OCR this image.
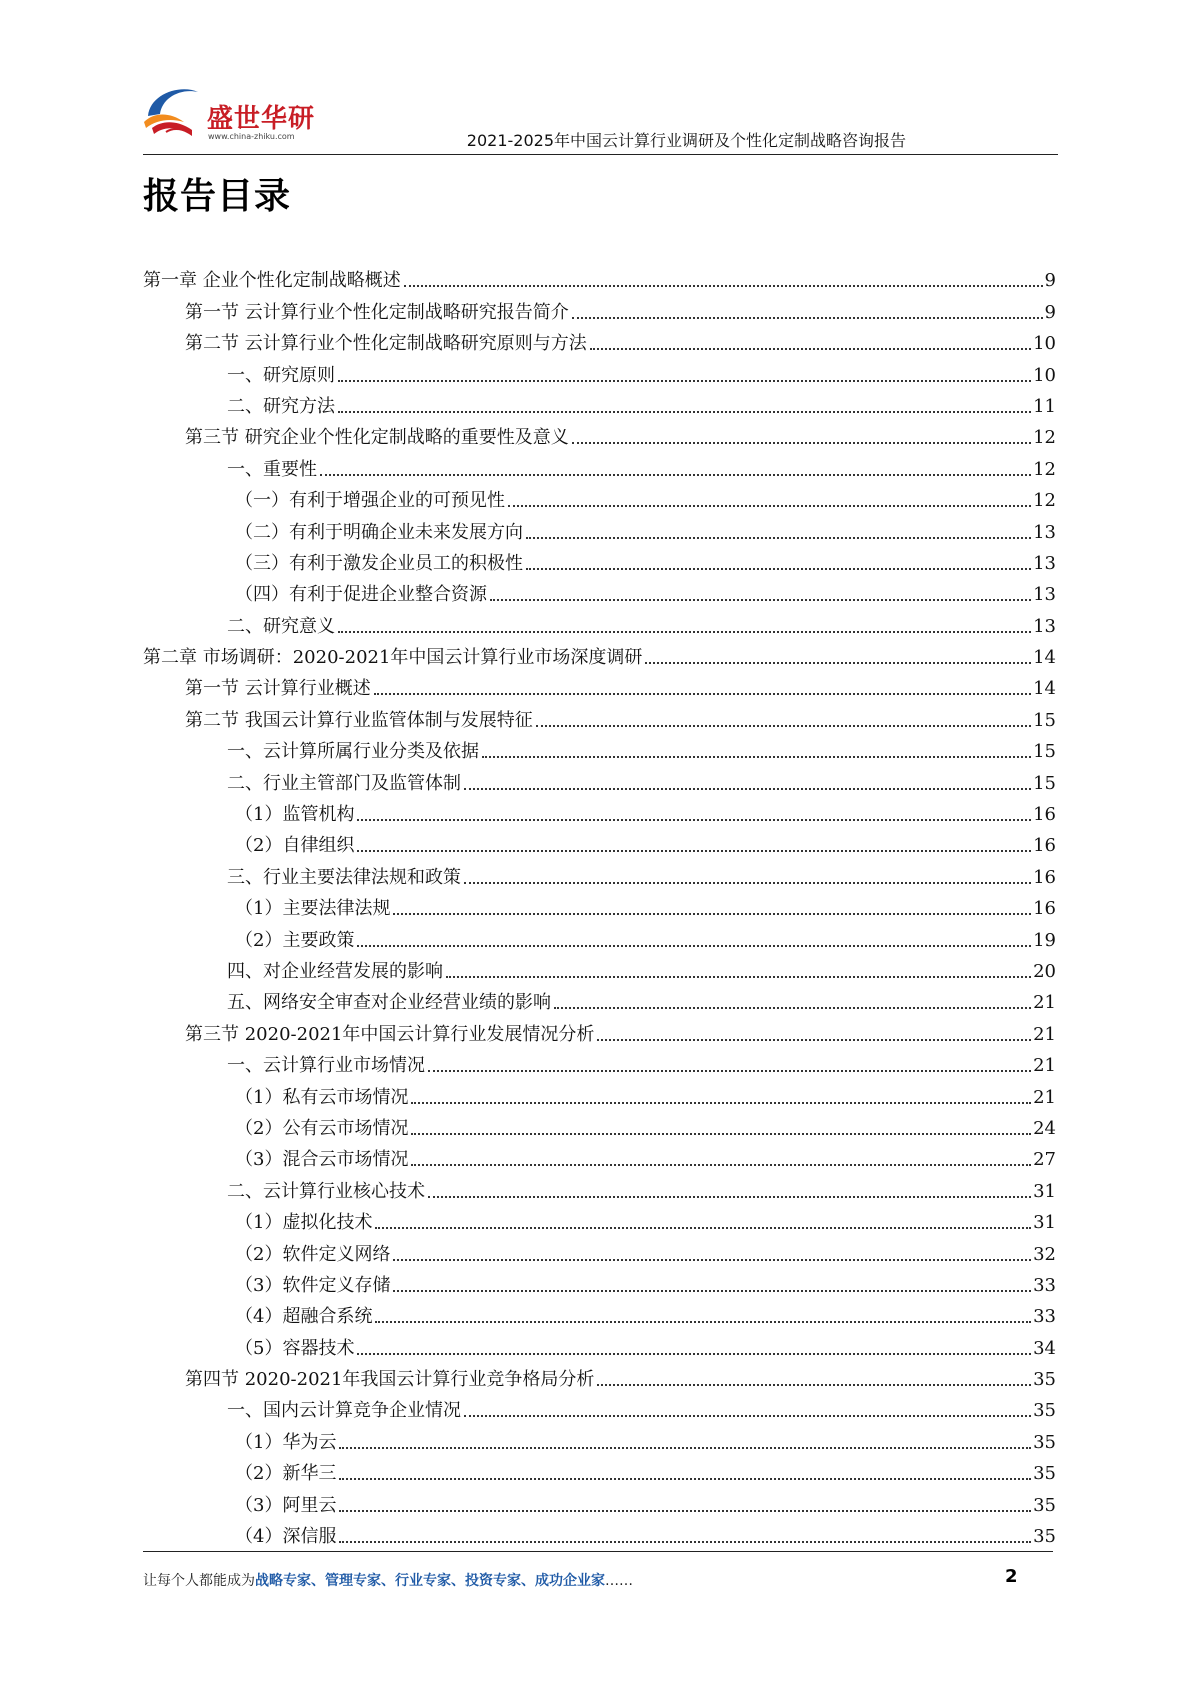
盛世华研
www.china-zhiku.com	2021-2025年中国云计算行业调研及个性化定制战略咨询报告
报告目录
第一章 企业个性化定制战略概述	9
第一节 云计算行业个性化定制战略研究报告简介	9
第二节 云计算行业个性化定制战略研究原则与方法	10
一、研究原则	10
二、研究方法	11
第三节 研究企业个性化定制战略的重要性及意义	12
一、重要性	12
（一）有利于增强企业的可预见性	12
（二）有利于明确企业未来发展方向	13
（三）有利于激发企业员工的积极性	13
（四）有利于促进企业整合资源	13
二、研究意义	13
第二章 市场调研：2020-2021年中国云计算行业市场深度调研	14
第一节 云计算行业概述	14
第二节 我国云计算行业监管体制与发展特征	15
一、云计算所属行业分类及依据	15
二、行业主管部门及监管体制	15
（1）监管机构	16
（2）自律组织	16
三、行业主要法律法规和政策	16
（1）主要法律法规	16
（2）主要政策	19
四、对企业经营发展的影响	20
五、网络安全审查对企业经营业绩的影响	21
第三节 2020-2021年中国云计算行业发展情况分析	21
一、云计算行业市场情况	21
（1）私有云市场情况	21
（2）公有云市场情况	24
（3）混合云市场情况	27
二、云计算行业核心技术	31
（1）虚拟化技术	31
（2）软件定义网络	32
（3）软件定义存储	33
（4）超融合系统	33
（5）容器技术	34
第四节 2020-2021年我国云计算行业竞争格局分析	35
一、国内云计算竞争企业情况	35
（1）华为云	35
（2）新华三	35
（3）阿里云	35
（4）深信服	35
让每个人都能成为战略专家、管理专家、行业专家、投资专家、成功企业家……	2
